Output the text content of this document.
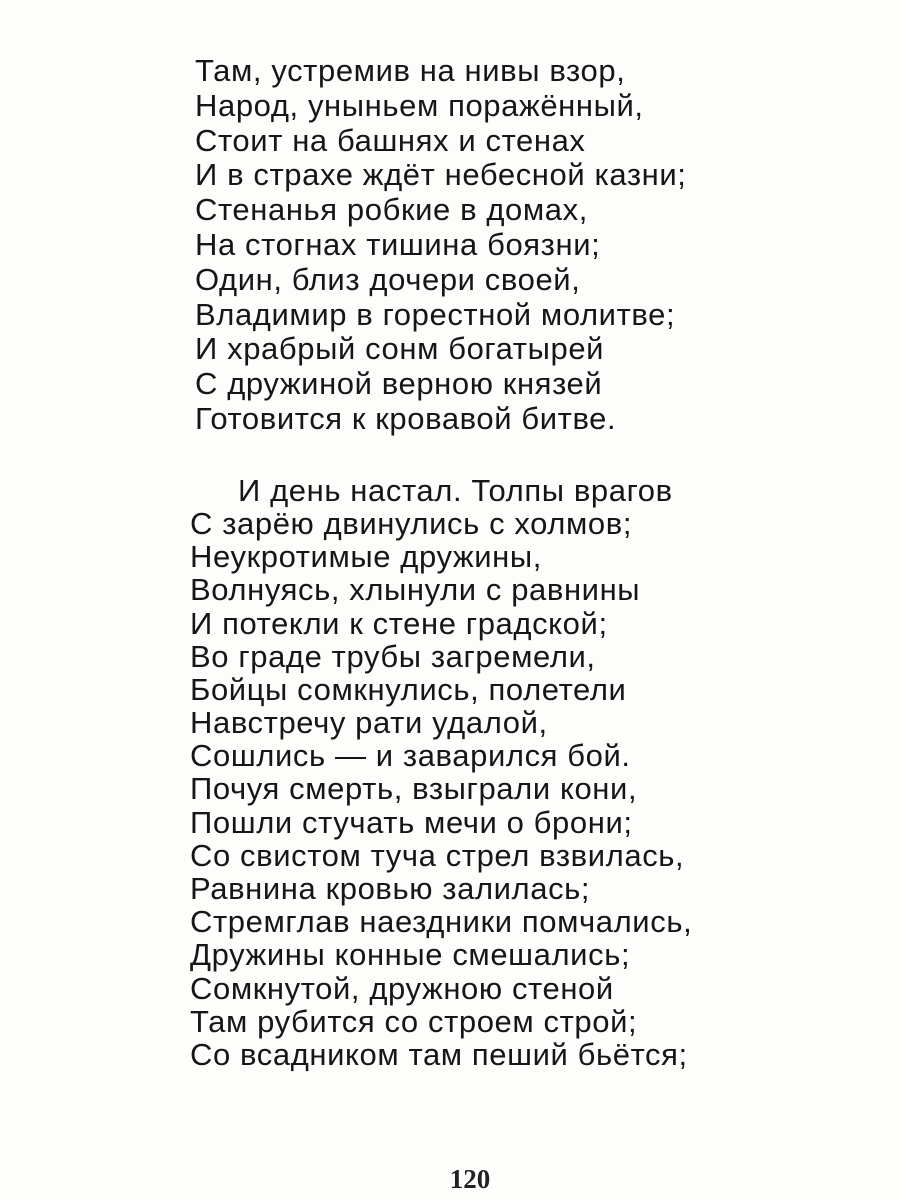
Там, устремив на нивы взор,
Народ, уныньем поражённый,
Стоит на башнях и стенах
И в страхе ждёт небесной казни;
Стенанья робкие в домах,
На стогнах тишина боязни;
Один, близ дочери своей,
Владимир в горестной молитве;
И храбрый сонм богатырей
С дружиной верною князей
Готовится к кровавой битве.
И день настал. Толпы врагов
С зарёю двинулись с холмов;
Неукротимые дружины,
Волнуясь, хлынули с равнины
И потекли к стене градской;
Во граде трубы загремели,
Бойцы сомкнулись, полетели
Навстречу рати удалой,
Сошлись — и заварился бой.
Почуя смерть, взыграли кони,
Пошли стучать мечи о брони;
Со свистом туча стрел взвилась,
Равнина кровью залилась;
Стремглав наездники помчались,
Дружины конные смешались;
Сомкнутой, дружною стеной
Там рубится со строем строй;
Со всадником там пеший бьётся;
120
